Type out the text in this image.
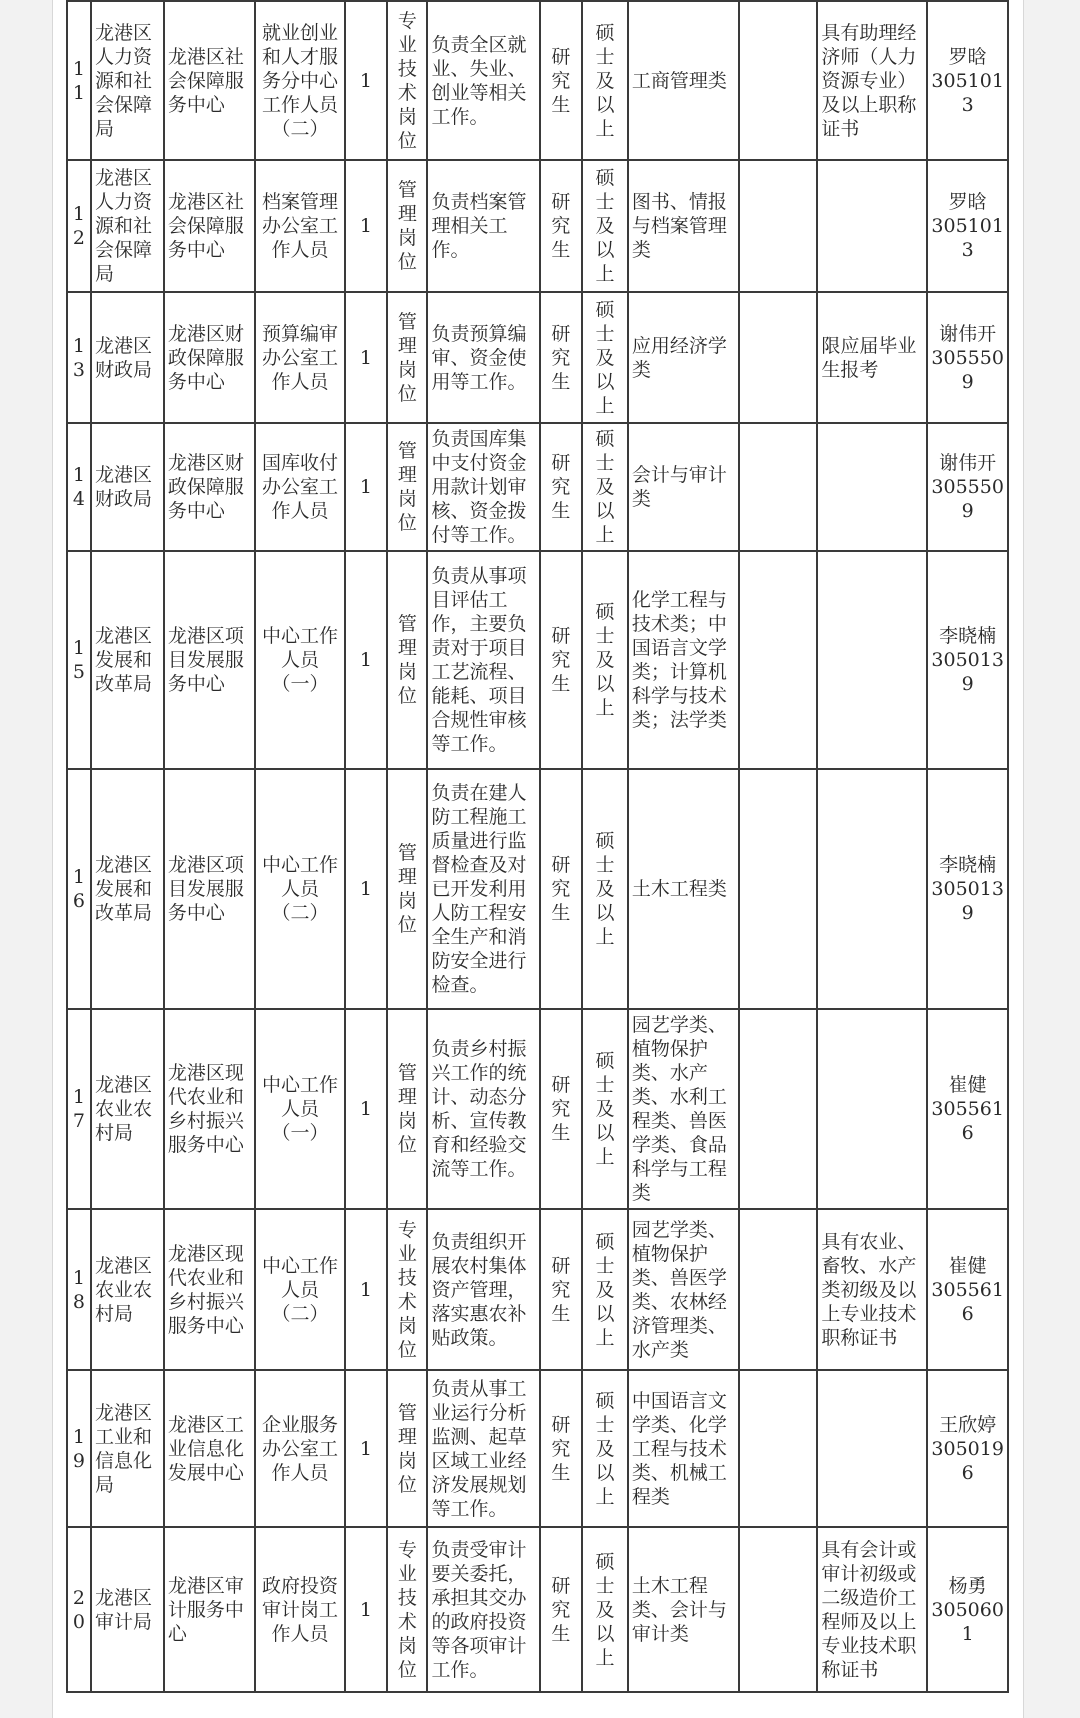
11	龙港区人力资源和社会保障局	龙港区社会保障服务中心	就业创业和人才服务分中心工作人员（二）	1	专业技术岗位	负责全区就业、失业、创业等相关工作。	研究生	硕士及以上	工商管理类		具有助理经济师（人力资源专业）及以上职称证书	罗晗
3051013

12	龙港区人力资源和社会保障局	龙港区社会保障服务中心	档案管理办公室工作人员	1	管理岗位	负责档案管理相关工作。	研究生	硕士及以上	图书、情报与档案管理类			罗晗
3051013

13	龙港区财政局	龙港区财政保障服务中心	预算编审办公室工作人员	1	管理岗位	负责预算编审、资金使用等工作。	研究生	硕士及以上	应用经济学类		限应届毕业生报考	谢伟开
3055509

14	龙港区财政局	龙港区财政保障服务中心	国库收付办公室工作人员	1	管理岗位	负责国库集中支付资金用款计划审核、资金拨付等工作。	研究生	硕士及以上	会计与审计类			谢伟开
3055509

15	龙港区发展和改革局	龙港区项目发展服务中心	中心工作人员（一）	1	管理岗位	负责从事项目评估工作，主要负责对于项目工艺流程、能耗、项目合规性审核等工作。	研究生	硕士及以上	化学工程与技术类；中国语言文学类；计算机科学与技术类；法学类			李晓楠
3050139

16	龙港区发展和改革局	龙港区项目发展服务中心	中心工作人员（二）	1	管理岗位	负责在建人防工程施工质量进行监督检查及对已开发利用人防工程安全生产和消防安全进行检查。	研究生	硕士及以上	土木工程类			李晓楠
3050139

17	龙港区农业农村局	龙港区现代农业和乡村振兴服务中心	中心工作人员（一）	1	管理岗位	负责乡村振兴工作的统计、动态分析、宣传教育和经验交流等工作。	研究生	硕士及以上	园艺学类、植物保护类、水产类、水利工程类、兽医学类、食品科学与工程类			崔健
3055616

18	龙港区农业农村局	龙港区现代农业和乡村振兴服务中心	中心工作人员（二）	1	专业技术岗位	负责组织开展农村集体资产管理，落实惠农补贴政策。	研究生	硕士及以上	园艺学类、植物保护类、兽医学类、农林经济管理类、水产类		具有农业、畜牧、水产类初级及以上专业技术职称证书	崔健
3055616

19	龙港区工业和信息化局	龙港区工业信息化发展中心	企业服务办公室工作人员	1	管理岗位	负责从事工业运行分析监测、起草区域工业经济发展规划等工作。	研究生	硕士及以上	中国语言文学类、化学工程与技术类、机械工程类			王欣婷
3050196

20	龙港区审计局	龙港区审计服务中心	政府投资审计岗工作人员	1	专业技术岗位	负责受审计要关委托，承担其交办的政府投资等各项审计工作。	研究生	硕士及以上	土木工程类、会计与审计类		具有会计或审计初级或二级造价工程师及以上专业技术职称证书	杨勇
3050601
